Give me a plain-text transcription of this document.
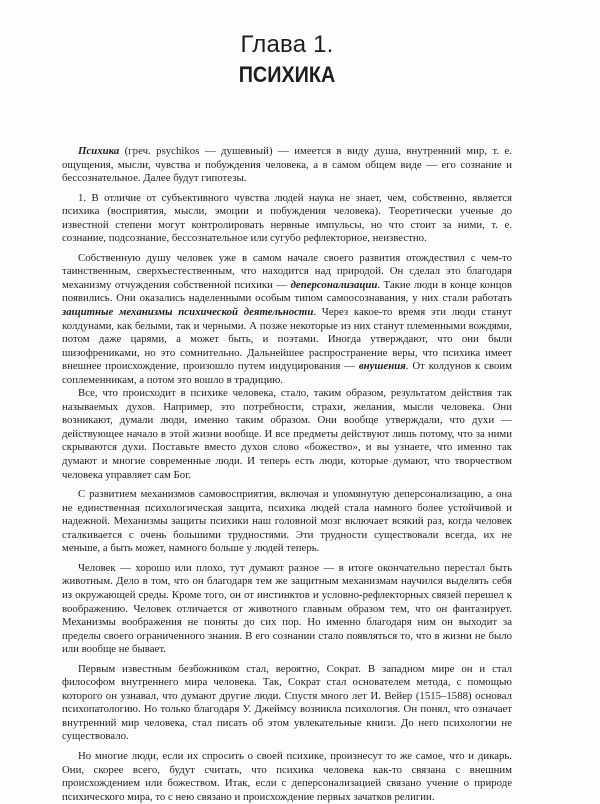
Глава 1.
ПСИХИКА

Психика (греч. psychikos — душевный) — имеется в виду душа, внутренний мир, т. е. ощущения, мысли, чувства и побуждения человека, а в самом общем виде — его сознание и бессознательное. Далее будут гипотезы.

1. В отличие от субъективного чувства людей наука не знает, чем, собственно, является психика (восприятия, мысли, эмоции и побуждения человека). Теоретически ученые до известной степени могут контролировать нервные импульсы, но что стоит за ними, т. е. сознание, подсознание, бессознательное или сугубо рефлекторное, неизвестно.

Собственную душу человек уже в самом начале своего развития отождествил с чем-то таинственным, сверхъестественным, что находится над природой. Он сделал это благодаря механизму отчуждения собственной психики — деперсонализации. Такие люди в конце концов появились. Они оказались наделенными особым типом самоосознавания, у них стали работать защитные механизмы психической деятельности. Через какое-то время эти люди станут колдунами, как белыми, так и черными. А позже некоторые из них станут племенными вождями, потом даже царями, а может быть, и поэтами. Иногда утверждают, что они были шизофрениками, но это сомнительно. Дальнейшее распространение веры, что психика имеет внешнее происхождение, произошло путем индуцирования — внушения. От колдунов к своим соплеменникам, а потом это вошло в традицию.

Все, что происходит в психике человека, стало, таким образом, результатом действия так называемых духов. Например, это потребности, страхи, желания, мысли человека. Они возникают, думали люди, именно таким образом. Они вообще утверждали, что духи — действующее начало в этой жизни вообще. И все предметы действуют лишь потому, что за ними скрываются духи. Поставьте вместо духов слово «божество», и вы узнаете, что именно так думают и многие современные люди. И теперь есть люди, которые думают, что творчеством человека управляет сам Бог.

С развитием механизмов самовосприятия, включая и упомянутую деперсонализацию, а она не единственная психологическая защита, психика людей стала намного более устойчивой и надежной. Механизмы защиты психики наш головной мозг включает всякий раз, когда человек сталкивается с очень большими трудностями. Эти трудности существовали всегда, их не меньше, а быть может, намного больше у людей теперь.

Человек — хорошо или плохо, тут думают разное — в итоге окончательно перестал быть животным. Дело в том, что он благодаря тем же защитным механизмам научился выделять себя из окружающей среды. Кроме того, он от инстинктов и условно-рефлекторных связей перешел к воображению. Человек отличается от животного главным образом тем, что он фантазирует. Механизмы воображения не поняты до сих пор. Но именно благодаря ним он выходит за пределы своего ограниченного знания. В его сознании стало появляться то, что в жизни не было или вообще не бывает.

Первым известным безбожником стал, вероятно, Сократ. В западном мире он и стал философом внутреннего мира человека. Так, Сократ стал основателем метода, с помощью которого он узнавал, что думают другие люди. Спустя много лет И. Вейер (1515–1588) основал психопатологию. Но только благодаря У. Джеймсу возникла психология. Он понял, что означает внутренний мир человека, стал писать об этом увлекательные книги. До него психологии не существовало.

Но многие люди, если их спросить о своей психике, произнесут то же самое, что и дикарь. Они, скорее всего, будут считать, что психика человека как-то связана с внешним происхождением или божеством. Итак, если с деперсонализацией связано учение о природе психического мира, то с нею связано и происхождение первых зачатков религии.
